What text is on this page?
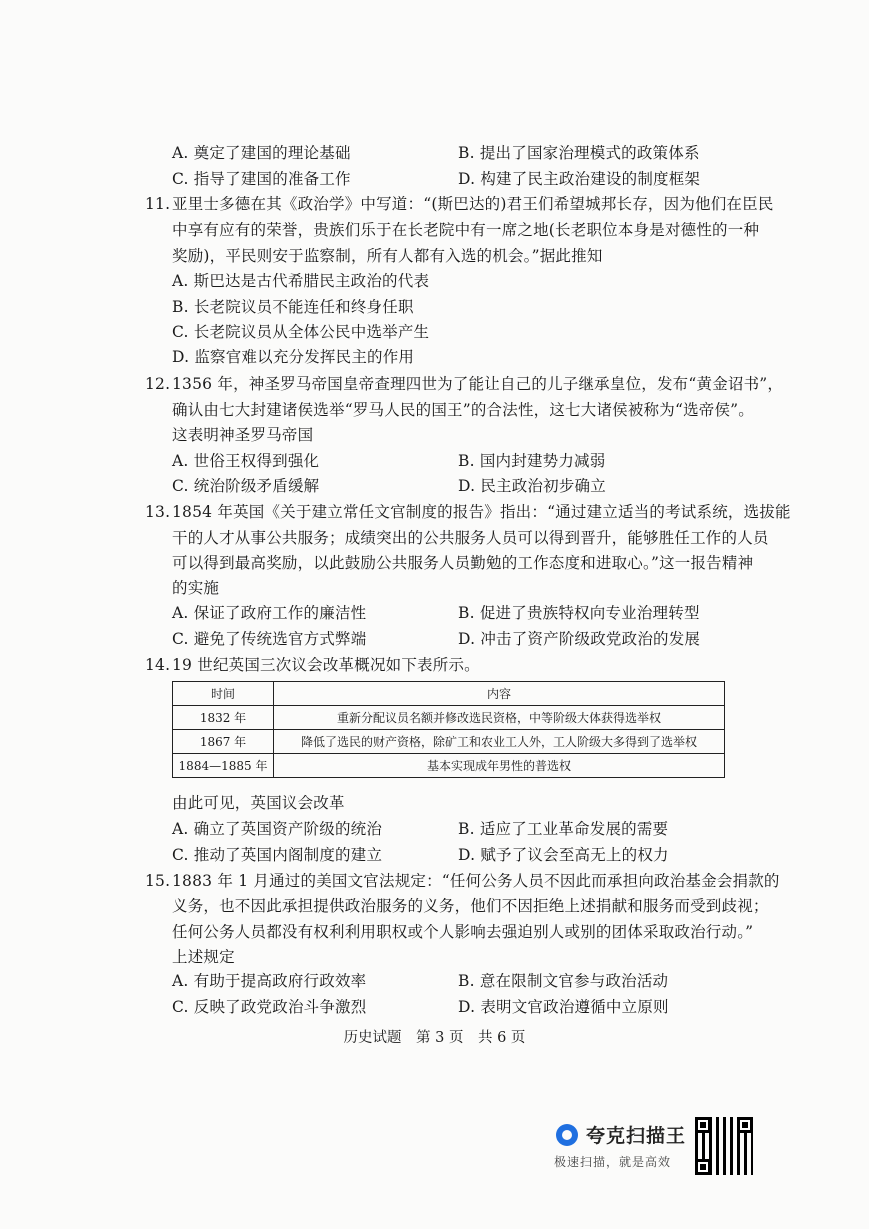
A. 奠定了建国的理论基础	B. 提出了国家治理模式的政策体系
C. 指导了建国的准备工作	D. 构建了民主政治建设的制度框架
11. 亚里士多德在其《政治学》中写道：“(斯巴达的)君王们希望城邦长存，因为他们在臣民
中享有应有的荣誉，贵族们乐于在长老院中有一席之地(长老职位本身是对德性的一种
奖励)，平民则安于监察制，所有人都有入选的机会。”据此推知
A. 斯巴达是古代希腊民主政治的代表
B. 长老院议员不能连任和终身任职
C. 长老院议员从全体公民中选举产生
D. 监察官难以充分发挥民主的作用
12. 1356 年，神圣罗马帝国皇帝查理四世为了能让自己的儿子继承皇位，发布“黄金诏书”，
确认由七大封建诸侯选举“罗马人民的国王”的合法性，这七大诸侯被称为“选帝侯”。
这表明神圣罗马帝国
A. 世俗王权得到强化	B. 国内封建势力减弱
C. 统治阶级矛盾缓解	D. 民主政治初步确立
13. 1854 年英国《关于建立常任文官制度的报告》指出：“通过建立适当的考试系统，选拔能
干的人才从事公共服务；成绩突出的公共服务人员可以得到晋升，能够胜任工作的人员
可以得到最高奖励，以此鼓励公共服务人员勤勉的工作态度和进取心。”这一报告精神
的实施
A. 保证了政府工作的廉洁性	B. 促进了贵族特权向专业治理转型
C. 避免了传统选官方式弊端	D. 冲击了资产阶级政党政治的发展
14. 19 世纪英国三次议会改革概况如下表所示。
时间	内容
1832 年	重新分配议员名额并修改选民资格，中等阶级大体获得选举权
1867 年	降低了选民的财产资格，除矿工和农业工人外，工人阶级大多得到了选举权
1884—1885 年	基本实现成年男性的普选权
由此可见，英国议会改革
A. 确立了英国资产阶级的统治	B. 适应了工业革命发展的需要
C. 推动了英国内阁制度的建立	D. 赋予了议会至高无上的权力
15. 1883 年 1 月通过的美国文官法规定：“任何公务人员不因此而承担向政治基金会捐款的
义务，也不因此承担提供政治服务的义务，他们不因拒绝上述捐献和服务而受到歧视；
任何公务人员都没有权利利用职权或个人影响去强迫别人或别的团体采取政治行动。”
上述规定
A. 有助于提高政府行政效率	B. 意在限制文官参与政治活动
C. 反映了政党政治斗争激烈	D. 表明文官政治遵循中立原则
历史试题　第 3 页　共 6 页
夸克扫描王
极速扫描，就是高效
